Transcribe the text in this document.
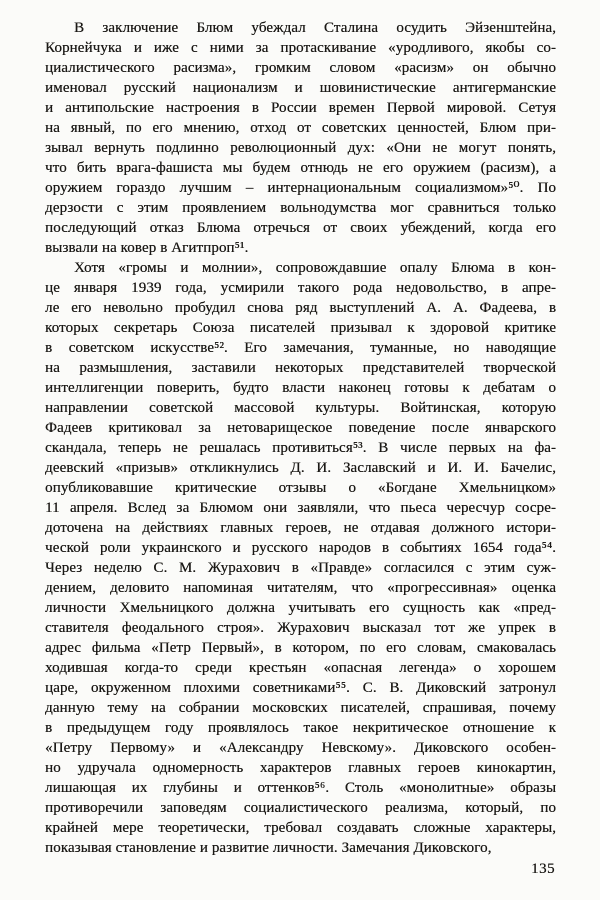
В заключение Блюм убеждал Сталина осудить Эйзенштейна,
Корнейчука и иже с ними за протаскивание «уродливого, якобы со-
циалистического расизма», громким словом «расизм» он обычно
именовал русский национализм и шовинистические антигерманские
и антипольские настроения в России времен Первой мировой. Сетуя
на явный, по его мнению, отход от советских ценностей, Блюм при-
зывал вернуть подлинно революционный дух: «Они не могут понять,
что бить врага-фашиста мы будем отнюдь не его оружием (расизм), а
оружием гораздо лучшим – интернациональным социализмом»⁵⁰. По
дерзости с этим проявлением вольнодумства мог сравниться только
последующий отказ Блюма отречься от своих убеждений, когда его
вызвали на ковер в Агитпроп⁵¹.
Хотя «громы и молнии», сопровождавшие опалу Блюма в кон-
це января 1939 года, усмирили такого рода недовольство, в апре-
ле его невольно пробудил снова ряд выступлений А. А. Фадеева, в
которых секретарь Союза писателей призывал к здоровой критике
в советском искусстве⁵². Его замечания, туманные, но наводящие
на размышления, заставили некоторых представителей творческой
интеллигенции поверить, будто власти наконец готовы к дебатам о
направлении советской массовой культуры. Войтинская, которую
Фадеев критиковал за нетоварищеское поведение после январского
скандала, теперь не решалась противиться⁵³. В числе первых на фа-
деевский «призыв» откликнулись Д. И. Заславский и И. И. Бачелис,
опубликовавшие критические отзывы о «Богдане Хмельницком»
11 апреля. Вслед за Блюмом они заявляли, что пьеса чересчур сосре-
доточена на действиях главных героев, не отдавая должного истори-
ческой роли украинского и русского народов в событиях 1654 года⁵⁴.
Через неделю С. М. Журахович в «Правде» согласился с этим суж-
дением, деловито напоминая читателям, что «прогрессивная» оценка
личности Хмельницкого должна учитывать его сущность как «пред-
ставителя феодального строя». Журахович высказал тот же упрек в
адрес фильма «Петр Первый», в котором, по его словам, смаковалась
ходившая когда-то среди крестьян «опасная легенда» о хорошем
царе, окруженном плохими советниками⁵⁵. С. В. Диковский затронул
данную тему на собрании московских писателей, спрашивая, почему
в предыдущем году проявлялось такое некритическое отношение к
«Петру Первому» и «Александру Невскому». Диковского особен-
но удручала одномерность характеров главных героев кинокартин,
лишающая их глубины и оттенков⁵⁶. Столь «монолитные» образы
противоречили заповедям социалистического реализма, который, по
крайней мере теоретически, требовал создавать сложные характеры,
показывая становление и развитие личности. Замечания Диковского,
135
